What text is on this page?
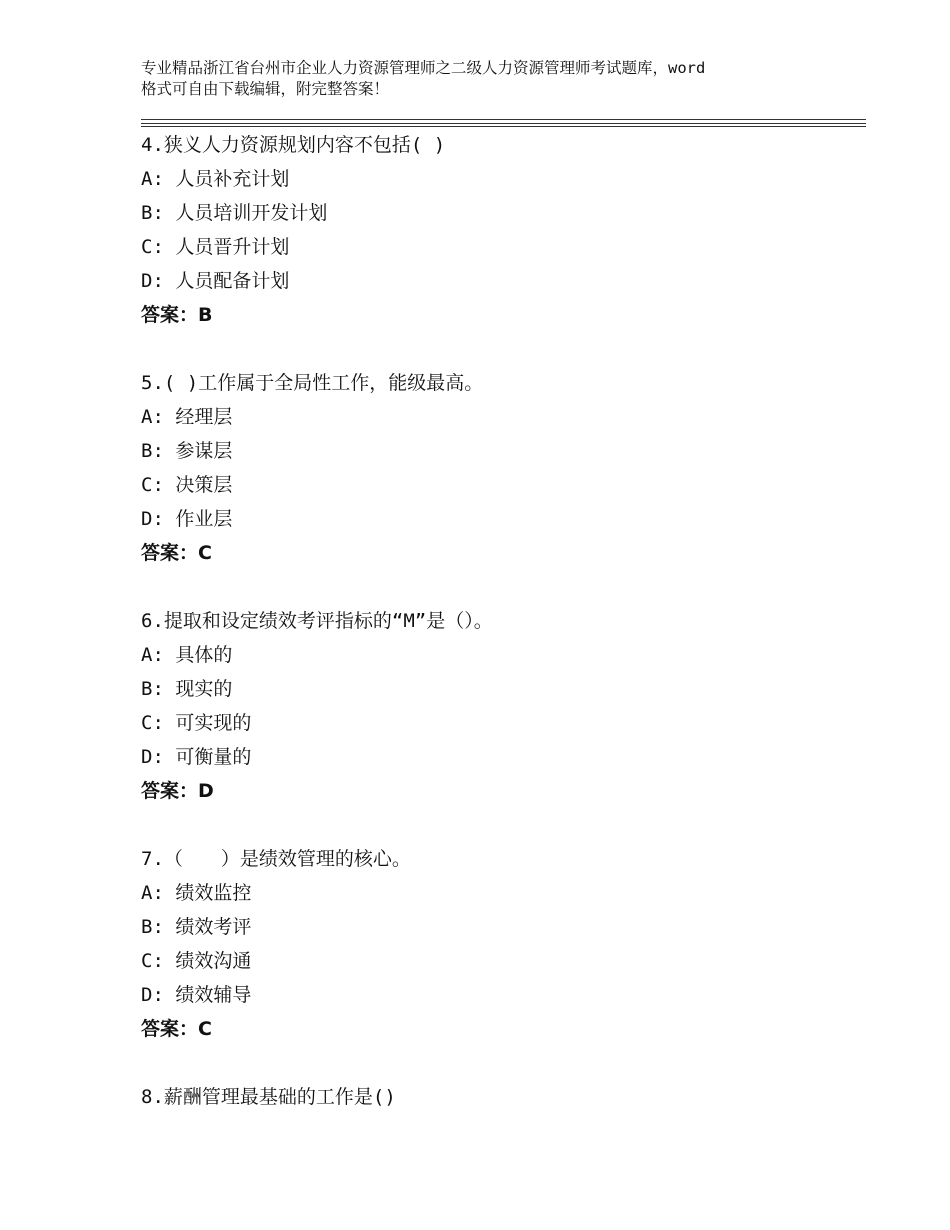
专业精品浙江省台州市企业人力资源管理师之二级人力资源管理师考试题库，word
格式可自由下载编辑，附完整答案！
4.狭义人力资源规划内容不包括( )
A: 人员补充计划
B: 人员培训开发计划
C: 人员晋升计划
D: 人员配备计划
答案：B
5.( )工作属于全局性工作，能级最高。
A: 经理层
B: 参谋层
C: 决策层
D: 作业层
答案：C
6.提取和设定绩效考评指标的“M”是（）。
A: 具体的
B: 现实的
C: 可实现的
D: 可衡量的
答案：D
7.（　　）是绩效管理的核心。
A: 绩效监控
B: 绩效考评
C: 绩效沟通
D: 绩效辅导
答案：C
8.薪酬管理最基础的工作是()
